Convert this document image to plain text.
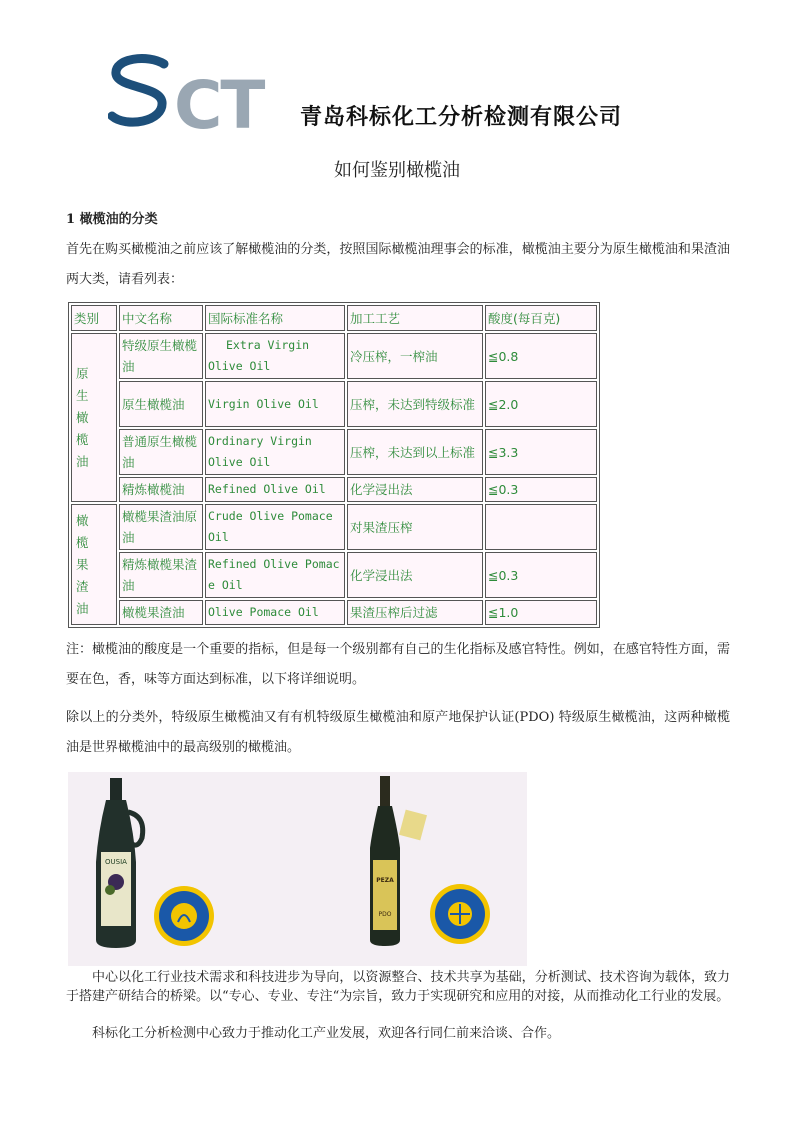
CT 青岛科标化工分析检测有限公司
如何鉴别橄榄油
1 橄榄油的分类
首先在购买橄榄油之前应该了解橄榄油的分类，按照国际橄榄油理事会的标准，橄榄油主要分为原生橄榄油和果渣油两大类，请看列表：
类别	中文名称	国际标准名称	加工工艺	酸度(每百克)
原生橄榄油	特级原生橄榄油	Extra Virgin Olive Oil	冷压榨，一榨油	≦0.8
	原生橄榄油	Virgin Olive Oil	压榨，未达到特级标准	≦2.0
	普通原生橄榄油	Ordinary Virgin Olive Oil	压榨，未达到以上标准	≦3.3
	精炼橄榄油	Refined Olive Oil	化学浸出法	≦0.3
橄榄果渣油	橄榄果渣油原油	Crude Olive Pomace Oil	对果渣压榨	
	精炼橄榄果渣油	Refined Olive Pomace Oil	化学浸出法	≦0.3
	橄榄果渣油	Olive Pomace Oil	果渣压榨后过滤	≦1.0
注：橄榄油的酸度是一个重要的指标，但是每一个级别都有自己的生化指标及感官特性。例如，在感官特性方面，需要在色，香，味等方面达到标准，以下将详细说明。
除以上的分类外，特级原生橄榄油又有有机特级原生橄榄油和原产地保护认证(PDO) 特级原生橄榄油，这两种橄榄油是世界橄榄油中的最高级别的橄榄油。
OUSIA
PEZA
PDO
中心以化工行业技术需求和科技进步为导向，以资源整合、技术共享为基础，分析测试、技术咨询为载体，致力于搭建产研结合的桥梁。以“专心、专业、专注“为宗旨，致力于实现研究和应用的对接，从而推动化工行业的发展。
科标化工分析检测中心致力于推动化工产业发展，欢迎各行同仁前来洽谈、合作。
